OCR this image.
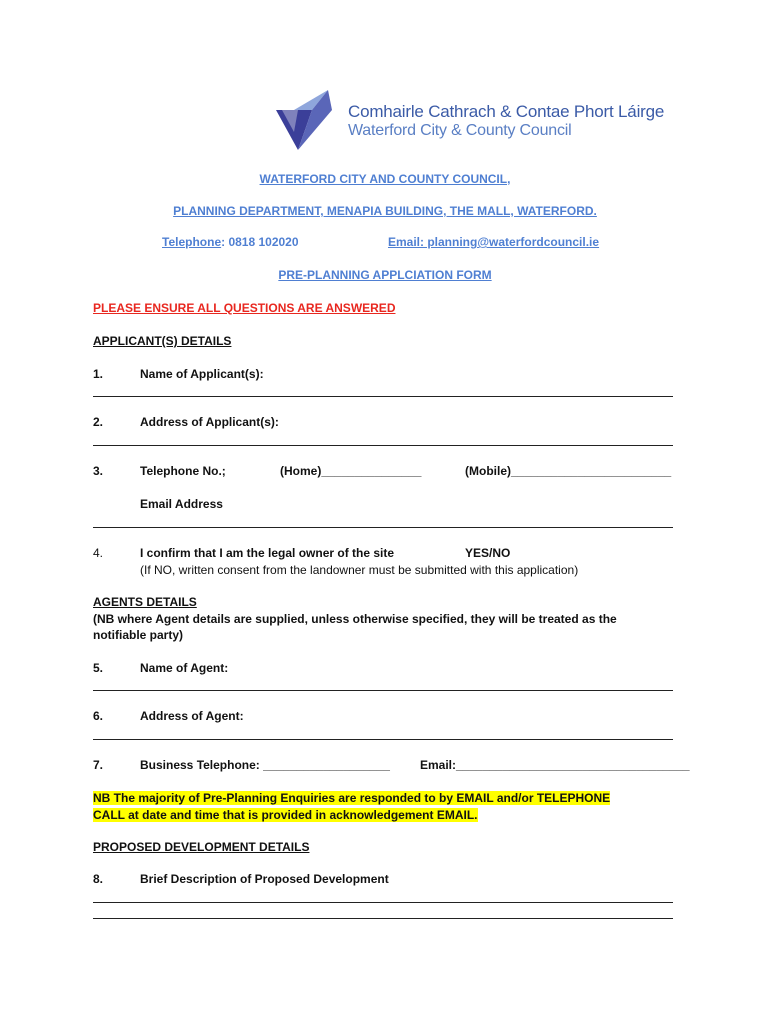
Comhairle Cathrach & Contae Phort Láirge
Waterford City & County Council
WATERFORD CITY AND COUNTY COUNCIL,
PLANNING DEPARTMENT, MENAPIA BUILDING, THE MALL, WATERFORD.
Telephone: 0818 102020	Email: planning@waterfordcouncil.ie
PRE-PLANNING APPLCIATION FORM
PLEASE ENSURE ALL QUESTIONS ARE ANSWERED
APPLICANT(S) DETAILS
1.	Name of Applicant(s):
2.	Address of Applicant(s):
3.	Telephone No.;	(Home)_______________	(Mobile)________________________
Email Address
4.	I confirm that I am the legal owner of the site	YES/NO
(If NO, written consent from the landowner must be submitted with this application)
AGENTS DETAILS
(NB where Agent details are supplied, unless otherwise specified, they will be treated as the
notifiable party)
5.	Name of Agent:
6.	Address of Agent:
7.	Business Telephone: ___________________	Email:___________________________________
NB The majority of Pre-Planning Enquiries are responded to by EMAIL and/or TELEPHONE
CALL at date and time that is provided in acknowledgement EMAIL.
PROPOSED DEVELOPMENT DETAILS
8.	Brief Description of Proposed Development
